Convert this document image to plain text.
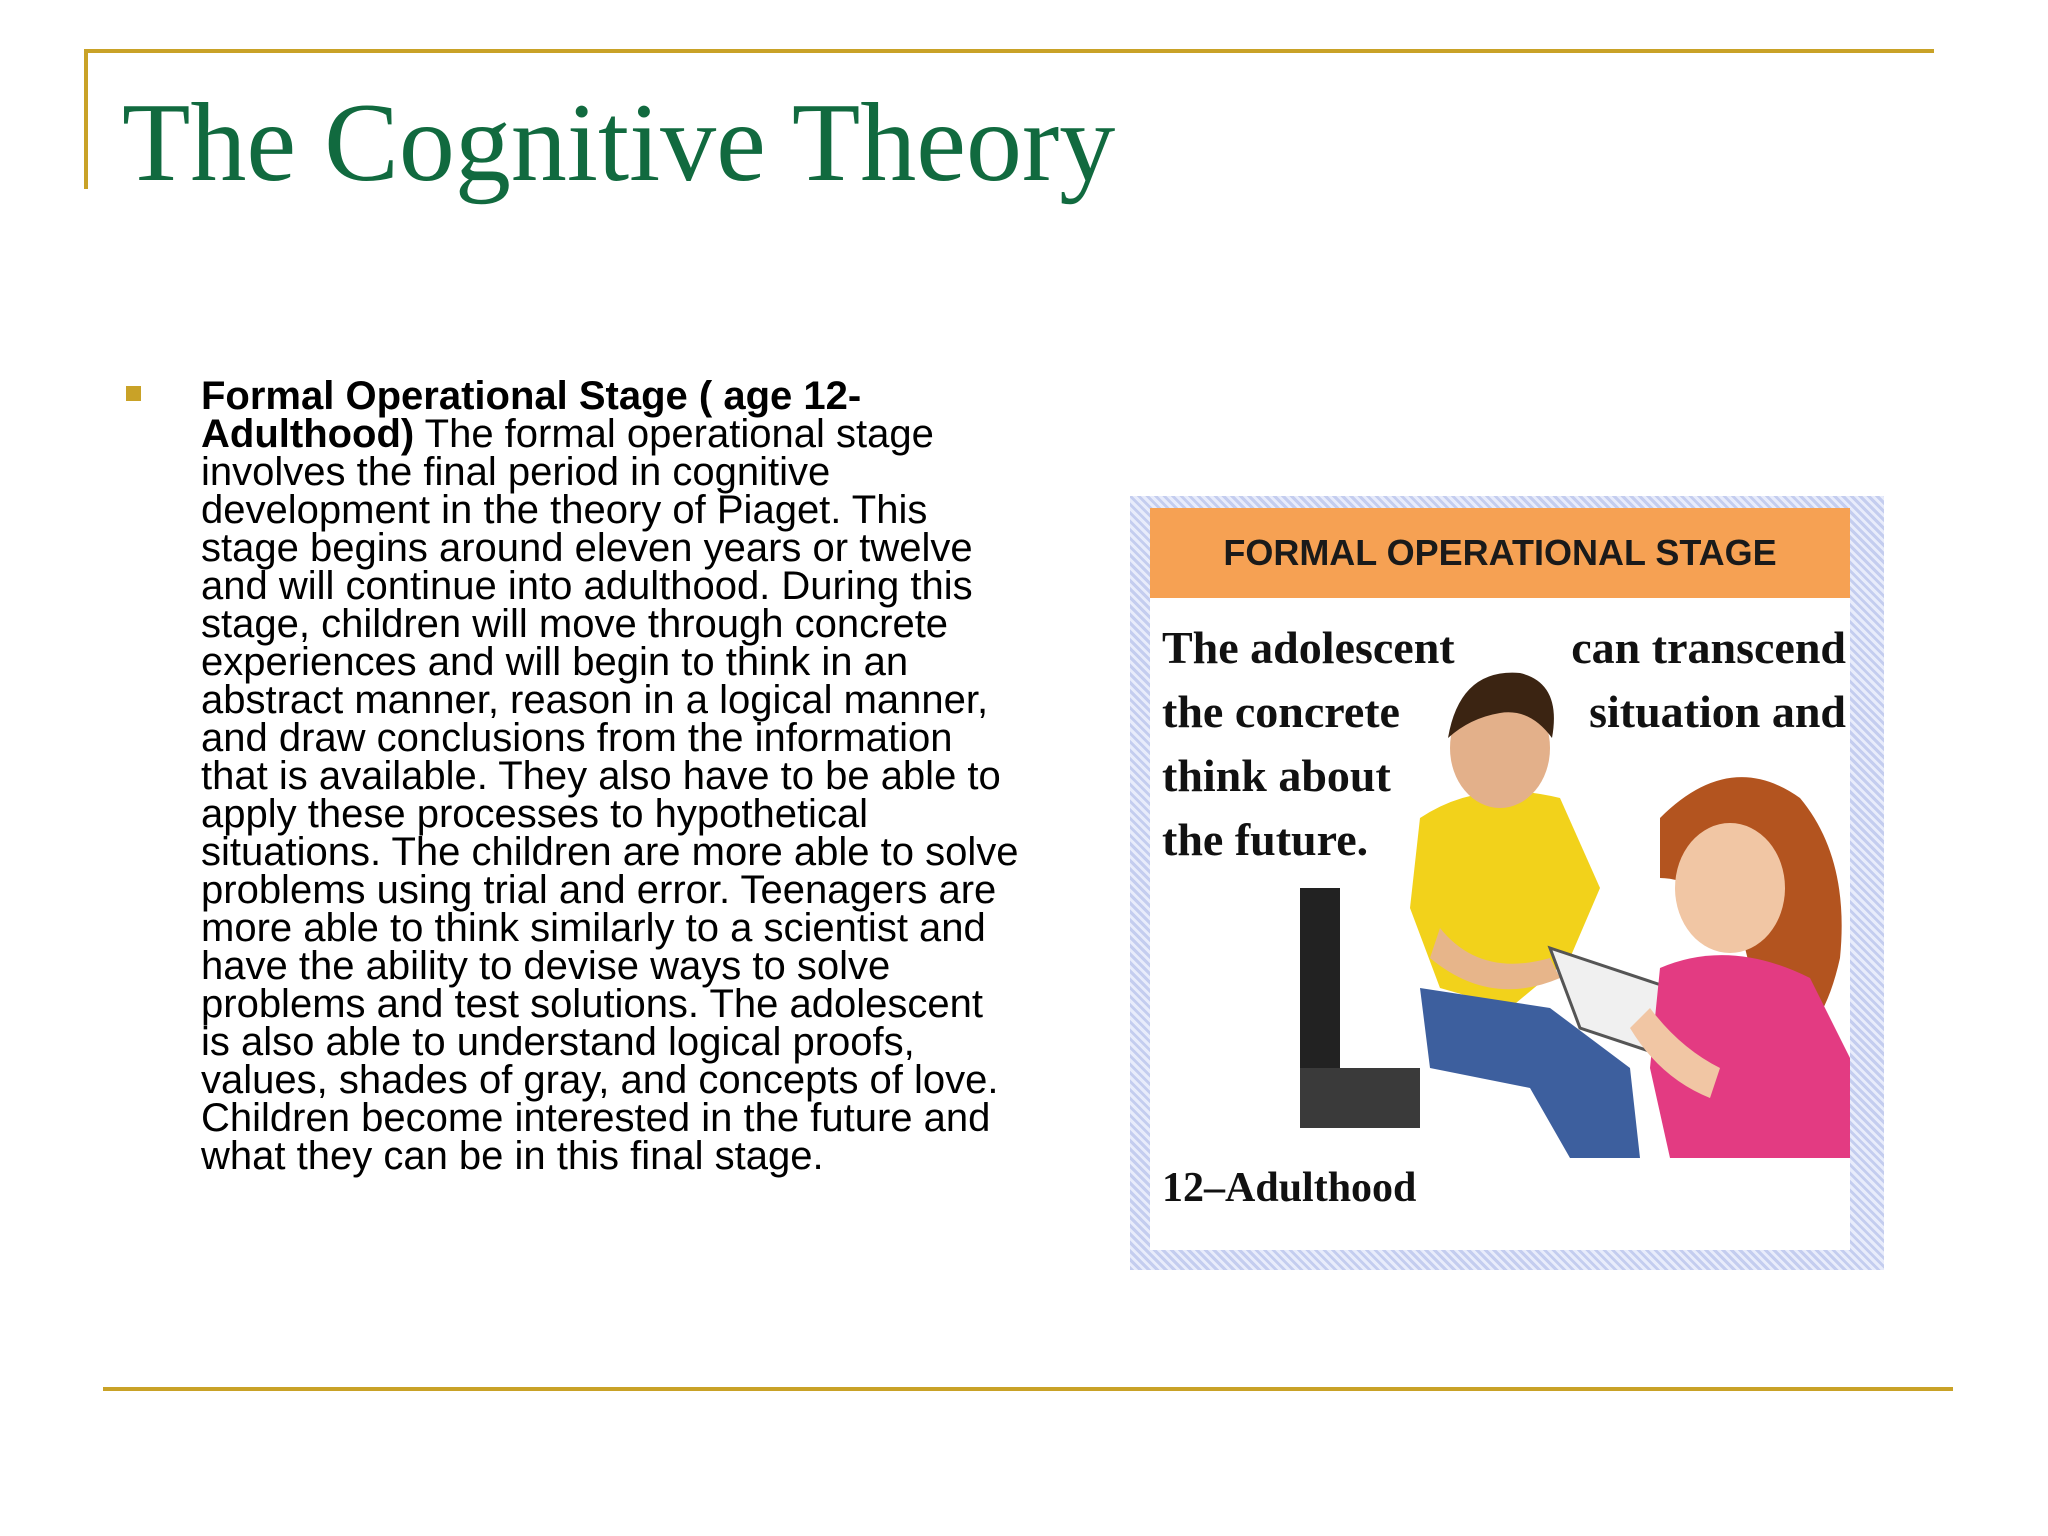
The Cognitive Theory

Formal Operational Stage ( age 12-Adulthood) The formal operational stage involves the final period in cognitive development in the theory of Piaget. This stage begins around eleven years or twelve and will continue into adulthood. During this stage, children will move through concrete experiences and will begin to think in an abstract manner, reason in a logical manner, and draw conclusions from the information that is available. They also have to be able to apply these processes to hypothetical situations. The children are more able to solve problems using trial and error. Teenagers are more able to think similarly to a scientist and have the ability to devise ways to solve problems and test solutions. The adolescent is also able to understand logical proofs, values, shades of gray, and concepts of love. Children become interested in the future and what they can be in this final stage.

FORMAL OPERATIONAL STAGE
The adolescent the concrete think about the future.
can transcend situation and
12–Adulthood
